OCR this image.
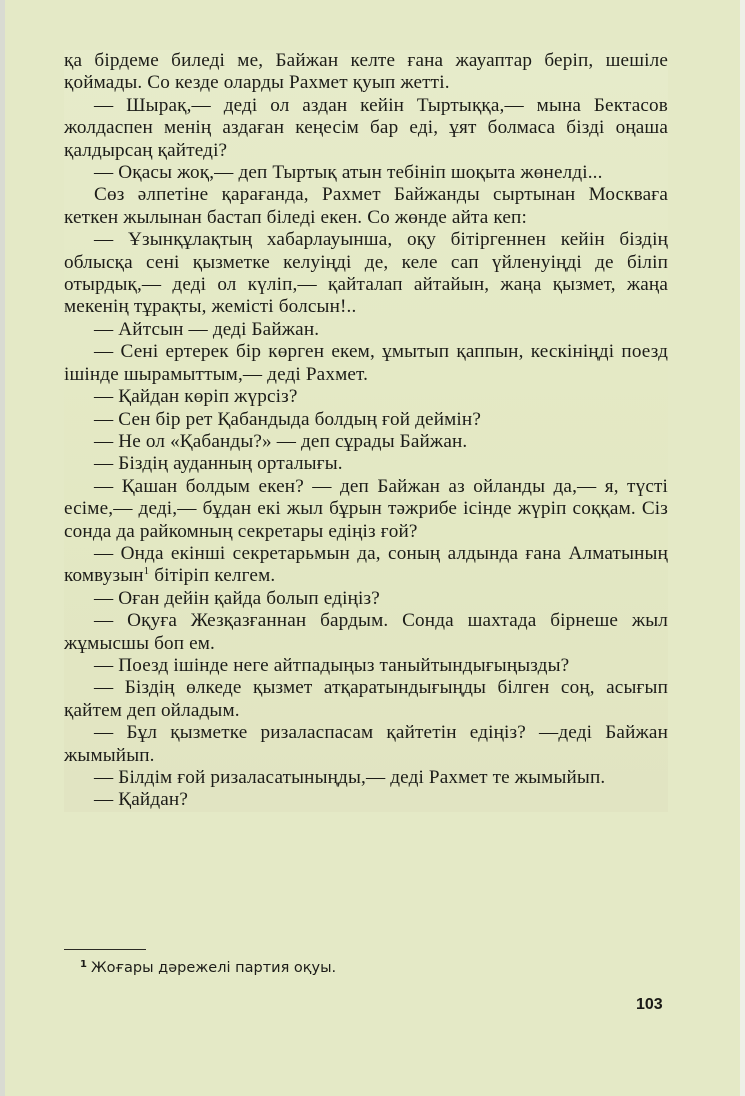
қа бірдеме биледі ме, Байжан келте ғана жауаптар беріп, шешіле қоймады. Со кезде оларды Рахмет қуып жетті.

— Шырақ,— деді ол аздан кейін Тыртыққа,— мына Бектасов жолдаспен менің аздаған кеңесім бар еді, ұят болмаса бізді оңаша қалдырсаң қайтеді?

— Оқасы жоқ,— деп Тыртық атын тебініп шоқыта жөнелді...

Сөз әлпетіне қарағанда, Рахмет Байжанды сыртынан Москваға кеткен жылынан бастап біледі екен. Со жөнде айта кеп:

— Ұзынқұлақтың хабарлауынша, оқу бітіргеннен кейін біздің облысқа сені қызметке келуіңді де, келе сап үйленуіңді де біліп отырдық,— деді ол күліп,— қайталап айтайын, жаңа қызмет, жаңа мекенің тұрақты, жемісті болсын!..

— Айтсын — деді Байжан.

— Сені ертерек бір көрген екем, ұмытып қаппын, кескініңді поезд ішінде шырамыттым,— деді Рахмет.

— Қайдан көріп жүрсіз?

— Сен бір рет Қабандыда болдың ғой деймін?

— Не ол «Қабанды?» — деп сұрады Байжан.

— Біздің ауданның орталығы.

— Қашан болдым екен? — деп Байжан аз ойланды да,— я, түсті есіме,— деді,— бұдан екі жыл бұрын тәжрибе ісінде жүріп соққам. Сіз сонда да райкомның секретары едіңіз ғой?

— Онда екінші секретарьмын да, соның алдында ғана Алматының комвузын$^1$ бітіріп келгем.

— Оған дейін қайда болып едіңіз?

— Оқуға Жезқазғаннан бардым. Сонда шахтада бірнеше жыл жұмысшы боп ем.

— Поезд ішінде неге айтпадыңыз таныйтындығыңызды?

— Біздің өлкеде қызмет атқаратындығыңды білген соң, асығып қайтем деп ойладым.

— Бұл қызметке ризаласпасам қайтетін едіңіз? —деді Байжан жымыйып.

— Білдім ғой ризаласатыныңды,— деді Рахмет те жымыйып.

— Қайдан?

$^1$ Жоғары дәрежелі партия оқуы.
103
